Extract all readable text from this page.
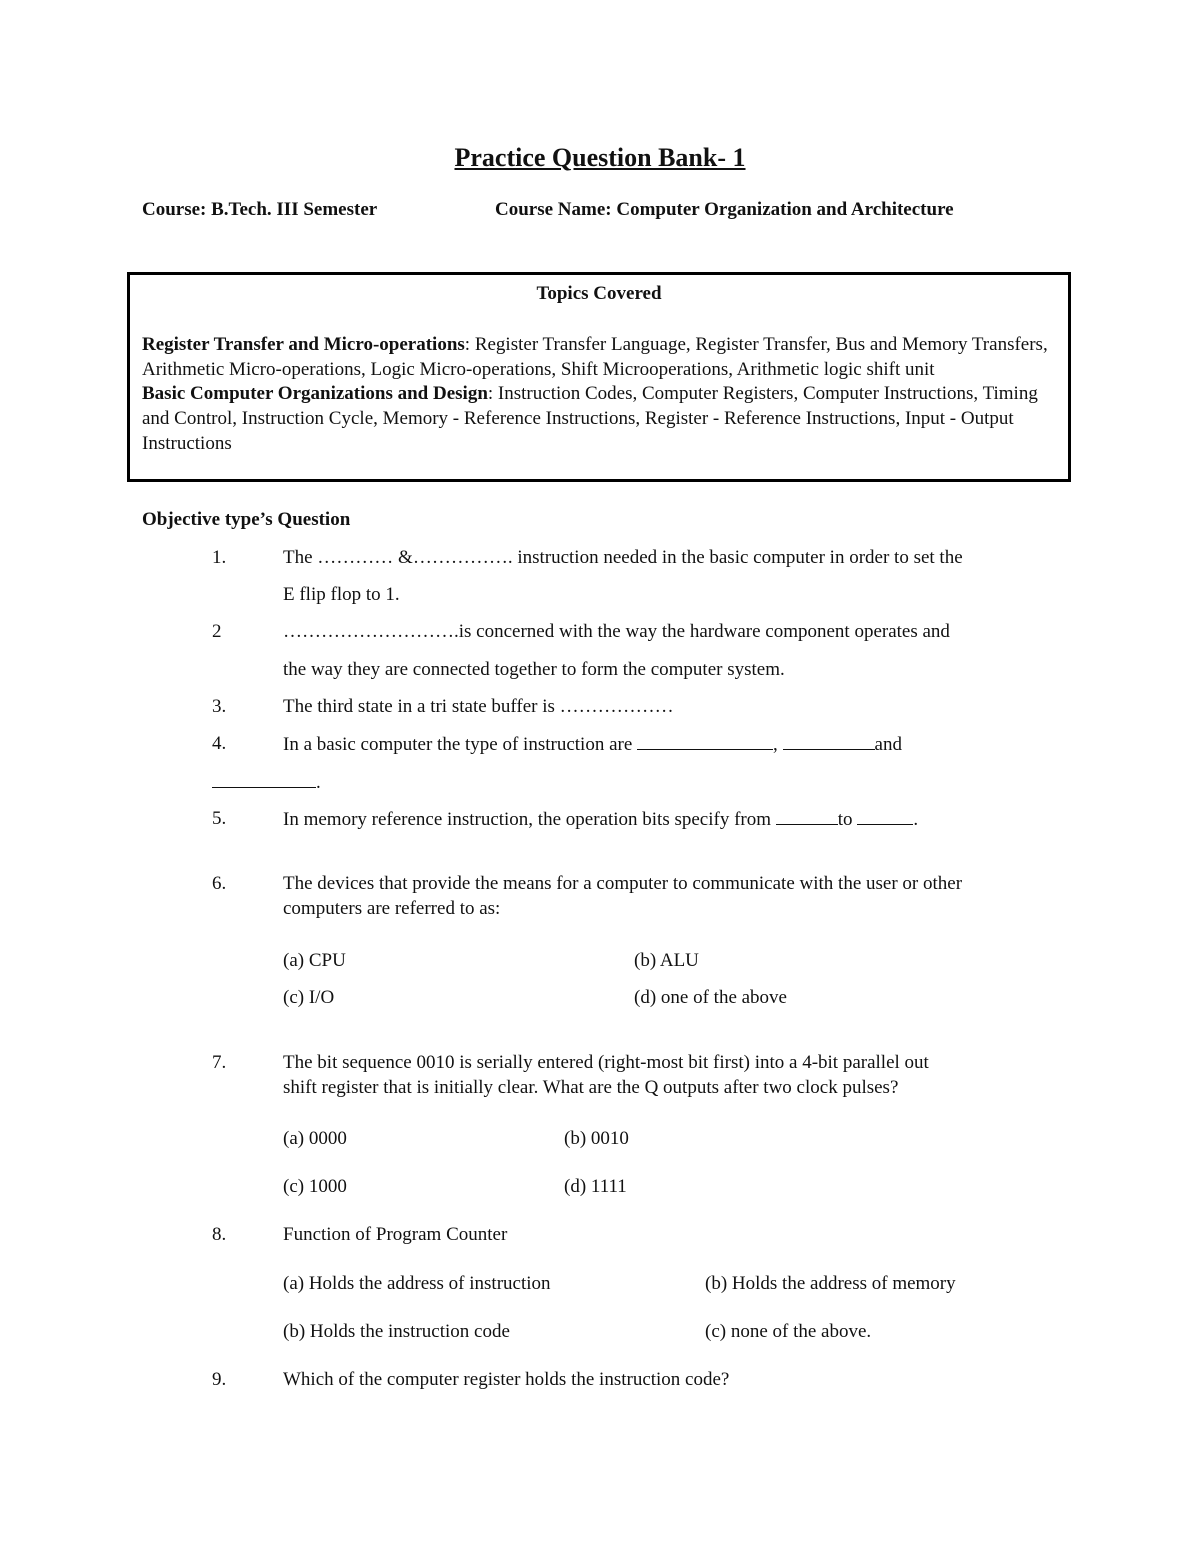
Practice Question Bank- 1
Course: B.Tech. III Semester	Course Name: Computer Organization and Architecture
Topics Covered
Register Transfer and Micro-operations: Register Transfer Language, Register Transfer, Bus and Memory Transfers, Arithmetic Micro-operations, Logic Micro-operations, Shift Microoperations, Arithmetic logic shift unit
Basic Computer Organizations and Design: Instruction Codes, Computer Registers, Computer Instructions, Timing and Control, Instruction Cycle, Memory - Reference Instructions, Register - Reference Instructions, Input - Output Instructions
Objective type’s Question
1.	The ………… &……………. instruction needed in the basic computer in order to set the
E flip flop to 1.
2	……………………….is concerned with the way the hardware component operates and
the way they are connected together to form the computer system.
3.	The third state in a tri state buffer is ………………
4.	In a basic computer the type of instruction are	,	and
.
5.	In memory reference instruction, the operation bits specify from	to	.
6.	The devices that provide the means for a computer to communicate with the user or other
computers are referred to as:
(a) CPU	(b) ALU
(c) I/O	(d) one of the above
7.	The bit sequence 0010 is serially entered (right-most bit first) into a 4-bit parallel out
shift register that is initially clear. What are the Q outputs after two clock pulses?
(a) 0000	(b) 0010
(c) 1000	(d) 1111
8.	Function of Program Counter
(a) Holds the address of instruction	(b) Holds the address of memory
(b) Holds the instruction code	(c) none of the above.
9.	Which of the computer register holds the instruction code?
